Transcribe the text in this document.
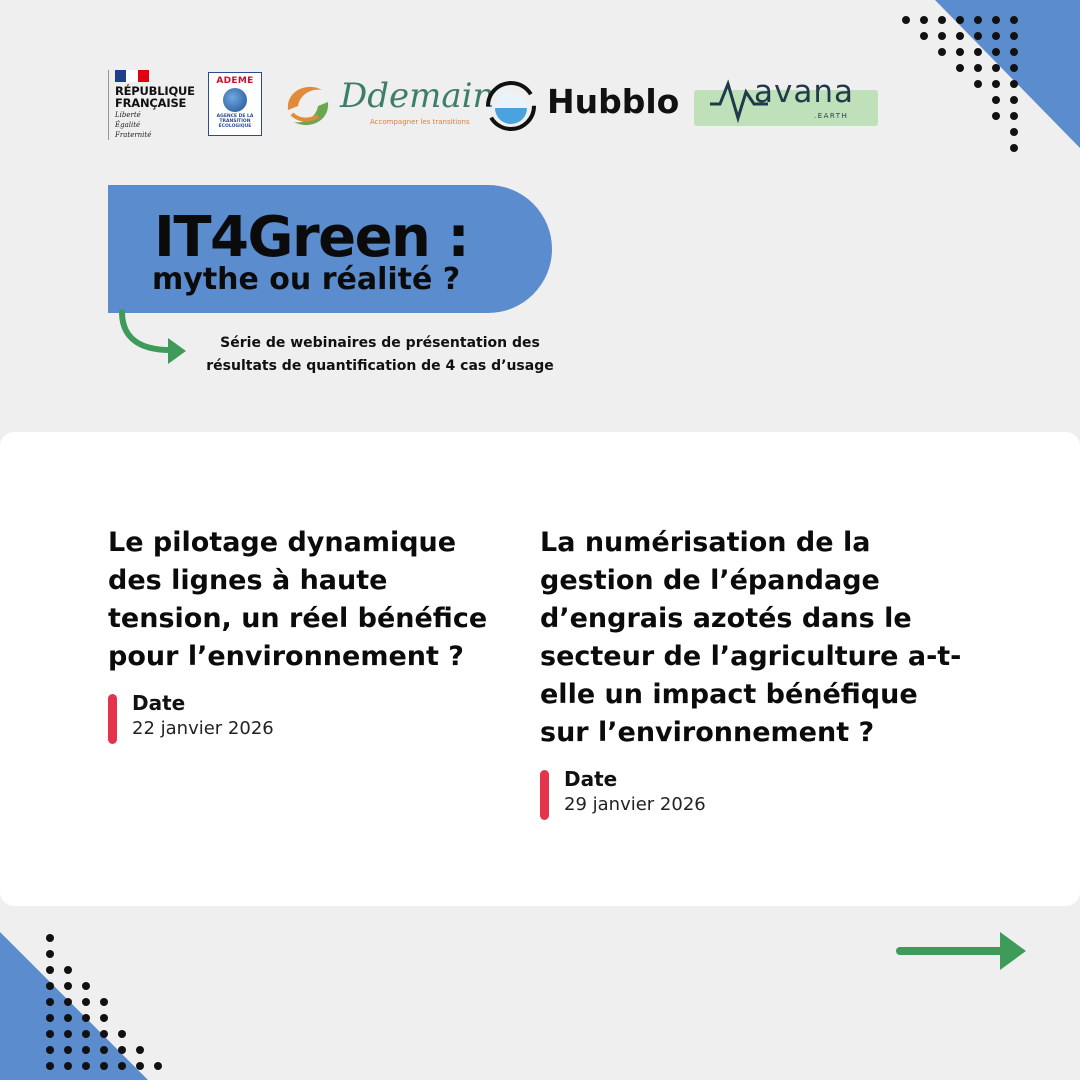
RÉPUBLIQUE
FRANÇAISE
Liberté
Égalité
Fraternité
ADEME
AGENCE DE LA TRANSITION ÉCOLOGIQUE
Ddemain
Accompagner les transitions
Hubblo avana
.EARTH
IT4Green :
mythe ou réalité ?
Série de webinaires de présentation des
résultats de quantification de 4 cas d’usage
Le pilotage dynamique des lignes à haute tension, un réel bénéfice pour l’environnement ?
Date
22 janvier 2026
La numérisation de la gestion de l’épandage d’engrais azotés dans le secteur de l’agriculture a-t-elle un impact bénéfique sur l’environnement ?
Date
29 janvier 2026
